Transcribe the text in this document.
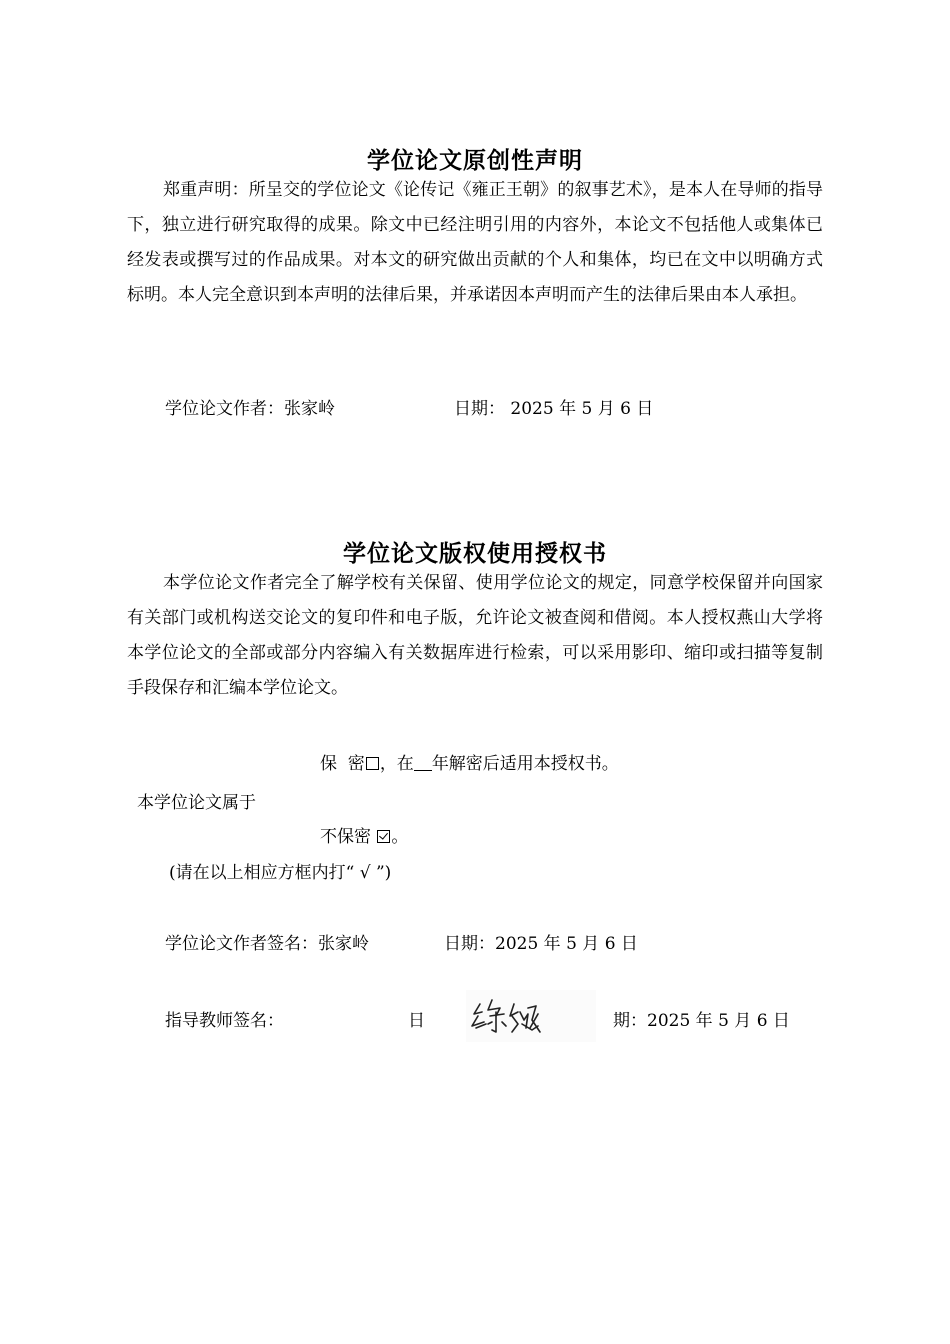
学位论文原创性声明
郑重声明：所呈交的学位论文《论传记《雍正王朝》的叙事艺术》，是本人在导师的指导下，独立进行研究取得的成果。除文中已经注明引用的内容外，本论文不包括他人或集体已经发表或撰写过的作品成果。对本文的研究做出贡献的个人和集体，均已在文中以明确方式标明。本人完全意识到本声明的法律后果，并承诺因本声明而产生的法律后果由本人承担。
学位论文作者：张家岭	日期： 2025 年 5 月 6 日
学位论文版权使用授权书
本学位论文作者完全了解学校有关保留、使用学位论文的规定，同意学校保留并向国家有关部门或机构送交论文的复印件和电子版，允许论文被查阅和借阅。本人授权燕山大学将本学位论文的全部或部分内容编入有关数据库进行检索，可以采用影印、缩印或扫描等复制手段保存和汇编本学位论文。
保  密 ，在 年解密后适用本授权书。
本学位论文属于
不保密 。
(请在以上相应方框内打“ √ ”)
学位论文作者签名：张家岭	日期：2025 年 5 月 6 日
指导教师签名：	日	期：2025 年 5 月 6 日
